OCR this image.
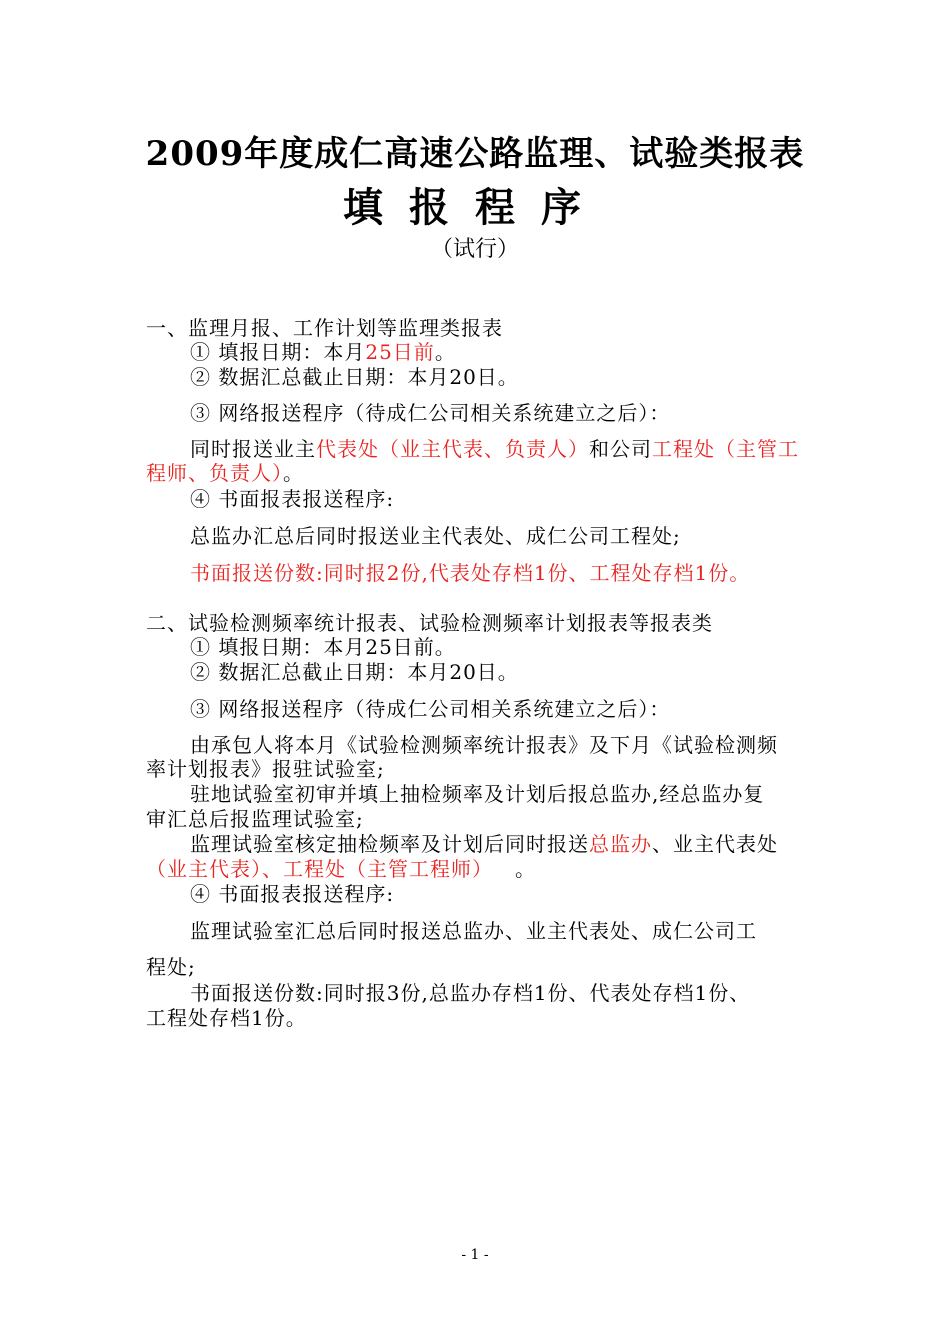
2009年度成仁高速公路监理、试验类报表
填报程序
（试行）
一、监理月报、工作计划等监理类报表
① 填报日期：本月25日前。
② 数据汇总截止日期：本月20日。
③ 网络报送程序（待成仁公司相关系统建立之后）：
同时报送业主代表处（业主代表、负责人）和公司工程处（主管工
程师、负责人）。
④ 书面报表报送程序:
总监办汇总后同时报送业主代表处、成仁公司工程处;
书面报送份数:同时报2份,代表处存档1份、工程处存档1份。
二、试验检测频率统计报表、试验检测频率计划报表等报表类
① 填报日期：本月25日前。
② 数据汇总截止日期：本月20日。
③ 网络报送程序（待成仁公司相关系统建立之后）：
由承包人将本月《试验检测频率统计报表》及下月《试验检测频
率计划报表》报驻试验室;
驻地试验室初审并填上抽检频率及计划后报总监办,经总监办复
审汇总后报监理试验室;
监理试验室核定抽检频率及计划后同时报送总监办、业主代表处
（业主代表）、工程处（主管工程师） 。
④ 书面报表报送程序:
监理试验室汇总后同时报送总监办、业主代表处、成仁公司工
程处;
书面报送份数:同时报3份,总监办存档1份、代表处存档1份、
工程处存档1份。
- 1 -
